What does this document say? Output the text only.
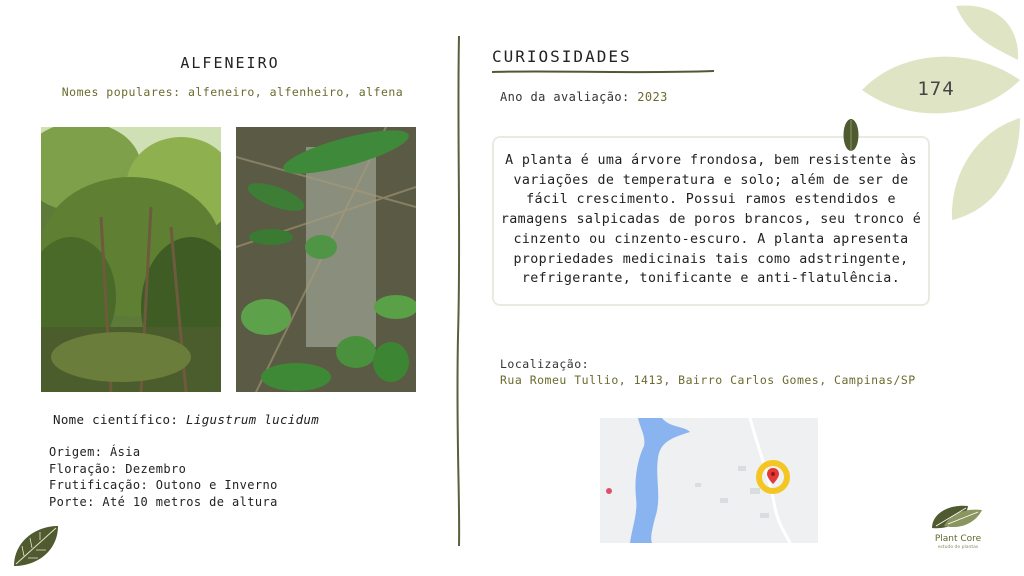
ALFENEIRO
Nomes populares: alfeneiro, alfenheiro, alfena
Nome científico: Ligustrum lucidum
Origem: Ásia
Floração: Dezembro
Frutificação: Outono e Inverno
Porte: Até 10 metros de altura
CURIOSIDADES
Ano da avaliação: 2023
A planta é uma árvore frondosa, bem resistente às variações de temperatura e solo; além de ser de fácil crescimento. Possui ramos estendidos e ramagens salpicadas de poros brancos, seu tronco é cinzento ou cinzento-escuro. A planta apresenta propriedades medicinais tais como adstringente, refrigerante, tonificante e anti-flatulência.
Localização:
Rua Romeu Tullio, 1413, Bairro Carlos Gomes, Campinas/SP
174
Plant Core
estudo de plantas
